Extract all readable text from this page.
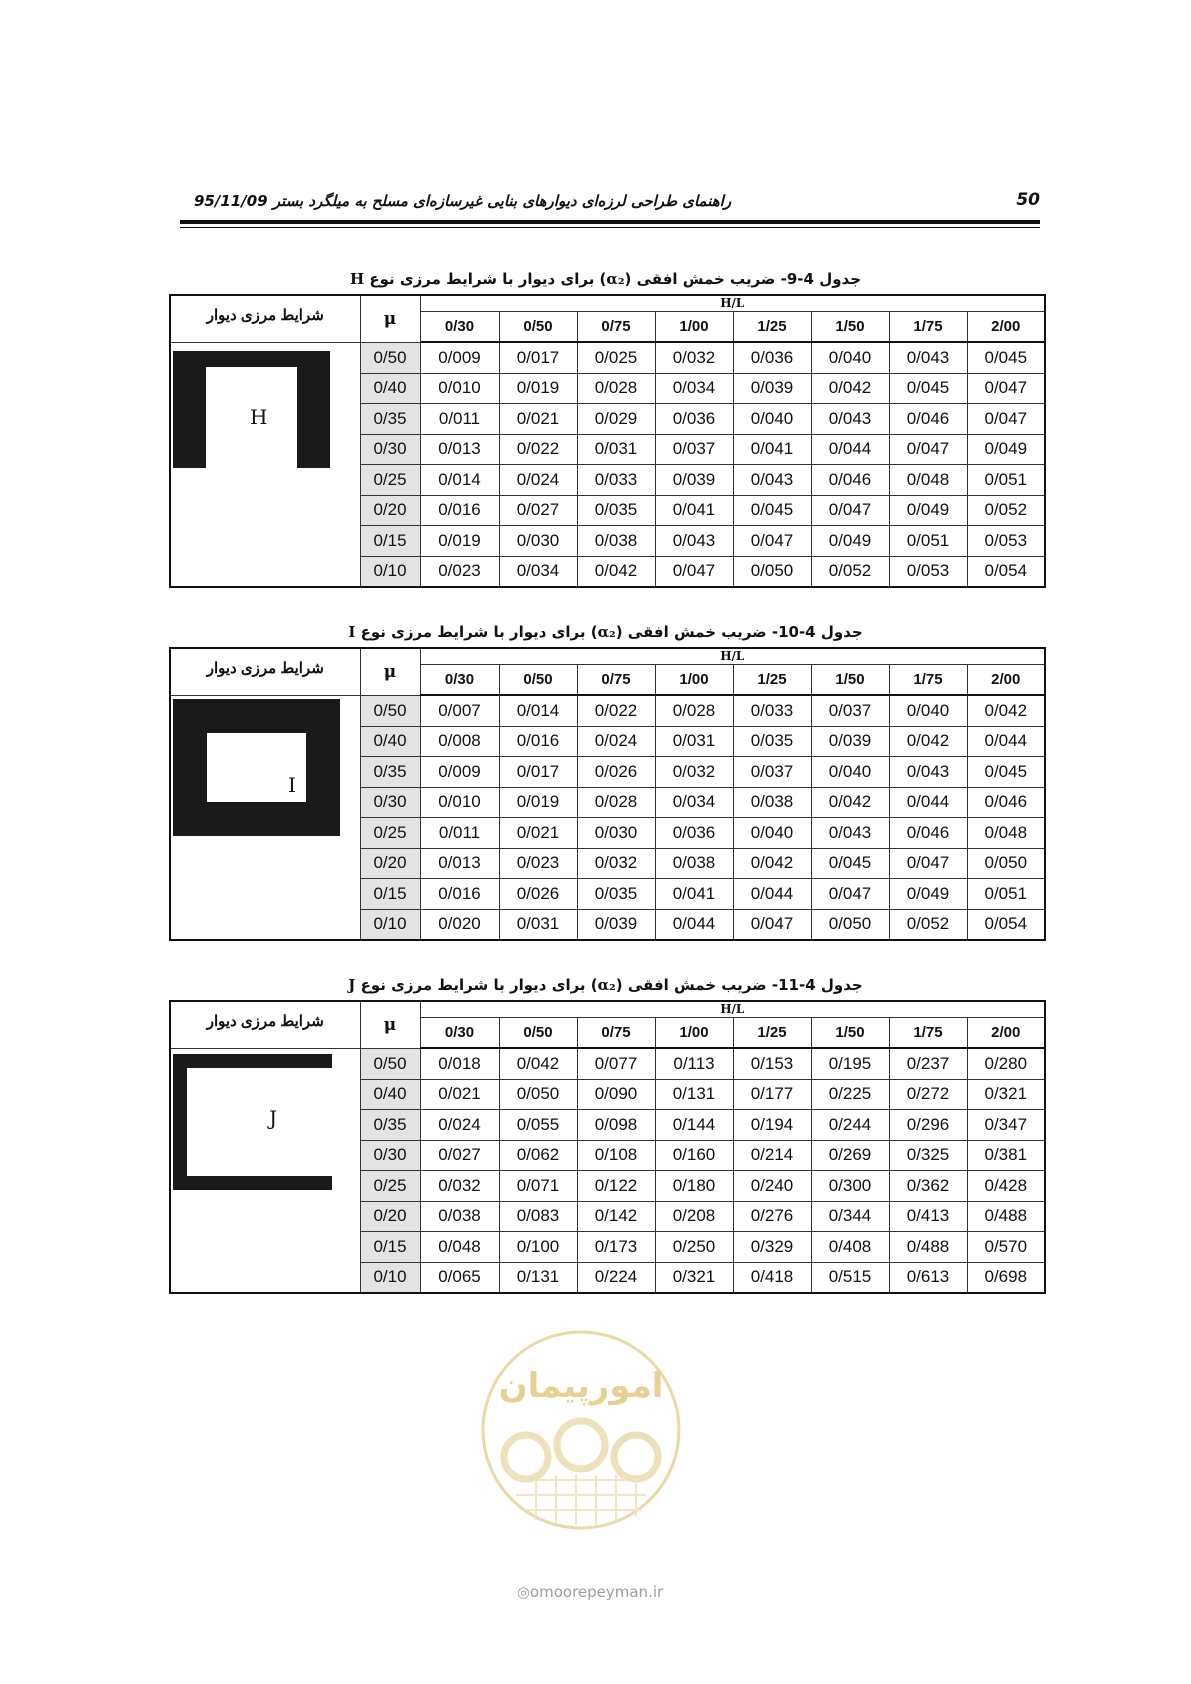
راهنمای طراحی لرزه‌ای دیوارهای بنایی غیرسازه‌ای مسلح به میلگرد بستر 95/11/09	50
جدول 4-9- ضریب خمش افقی (α₂) برای دیوار با شرایط مرزی نوع H
شرایط مرزی دیوار	μ	H/L							
		0/30	0/50	0/75	1/00	1/25	1/50	1/75	2/00

H	0/50	0/009	0/017	0/025	0/032	0/036	0/040	0/043	0/045
	0/40	0/010	0/019	0/028	0/034	0/039	0/042	0/045	0/047
	0/35	0/011	0/021	0/029	0/036	0/040	0/043	0/046	0/047
	0/30	0/013	0/022	0/031	0/037	0/041	0/044	0/047	0/049
	0/25	0/014	0/024	0/033	0/039	0/043	0/046	0/048	0/051
	0/20	0/016	0/027	0/035	0/041	0/045	0/047	0/049	0/052
	0/15	0/019	0/030	0/038	0/043	0/047	0/049	0/051	0/053
	0/10	0/023	0/034	0/042	0/047	0/050	0/052	0/053	0/054
جدول 4-10- ضریب خمش افقی (α₂) برای دیوار با شرایط مرزی نوع I
شرایط مرزی دیوار	μ	H/L							
		0/30	0/50	0/75	1/00	1/25	1/50	1/75	2/00

I	0/50	0/007	0/014	0/022	0/028	0/033	0/037	0/040	0/042
	0/40	0/008	0/016	0/024	0/031	0/035	0/039	0/042	0/044
	0/35	0/009	0/017	0/026	0/032	0/037	0/040	0/043	0/045
	0/30	0/010	0/019	0/028	0/034	0/038	0/042	0/044	0/046
	0/25	0/011	0/021	0/030	0/036	0/040	0/043	0/046	0/048
	0/20	0/013	0/023	0/032	0/038	0/042	0/045	0/047	0/050
	0/15	0/016	0/026	0/035	0/041	0/044	0/047	0/049	0/051
	0/10	0/020	0/031	0/039	0/044	0/047	0/050	0/052	0/054
جدول 4-11- ضریب خمش افقی (α₂) برای دیوار با شرایط مرزی نوع J
شرایط مرزی دیوار	μ	H/L							
		0/30	0/50	0/75	1/00	1/25	1/50	1/75	2/00

J	0/50	0/018	0/042	0/077	0/113	0/153	0/195	0/237	0/280
	0/40	0/021	0/050	0/090	0/131	0/177	0/225	0/272	0/321
	0/35	0/024	0/055	0/098	0/144	0/194	0/244	0/296	0/347
	0/30	0/027	0/062	0/108	0/160	0/214	0/269	0/325	0/381
	0/25	0/032	0/071	0/122	0/180	0/240	0/300	0/362	0/428
	0/20	0/038	0/083	0/142	0/208	0/276	0/344	0/413	0/488
	0/15	0/048	0/100	0/173	0/250	0/329	0/408	0/488	0/570
	0/10	0/065	0/131	0/224	0/321	0/418	0/515	0/613	0/698
امورپیمان
◎omoorepeyman.ir
